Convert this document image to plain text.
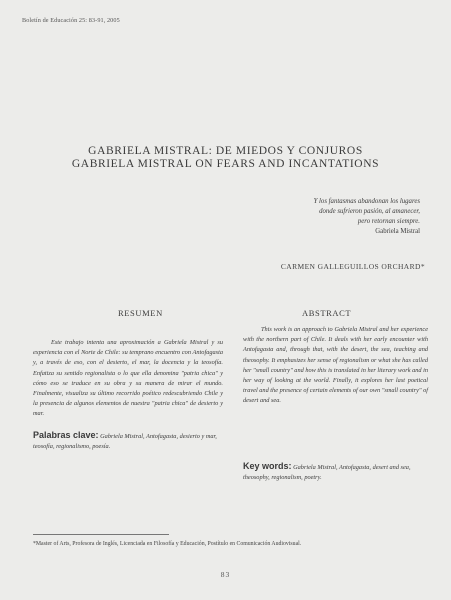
Boletín de Educación 25: 83-91, 2005
GABRIELA MISTRAL: DE MIEDOS Y CONJUROS
GABRIELA MISTRAL ON FEARS AND INCANTATIONS
Y los fantasmas abandonan los lugares
donde sufrieron pasión, al amanecer,
pero retornan siempre.
Gabriela Mistral
CARMEN GALLEGUILLOS ORCHARD*
RESUMEN	ABSTRACT

Este trabajo intenta una aproximación a Gabriela Mistral y su experiencia con el Norte de Chile: su temprano encuentro con Antofagasta y, a través de eso, con el desierto, el mar, la docencia y la teosofía. Enfatiza su sentido regionalista o lo que ella denomina "patria chica" y cómo eso se traduce en su obra y su manera de mirar el mundo. Finalmente, visualiza su último recorrido poético redescubriendo Chile y la presencia de algunos elementos de nuestra "patria chica" de desierto y mar.

This work is an approach to Gabriela Mistral and her experience with the northern part of Chile. It deals with her early encounter with Antofagasta and, through that, with the desert, the sea, teaching and theosophy. It emphasizes her sense of regionalism or what she has called her "small country" and how this is translated in her literary work and in her way of looking at the world. Finally, it explores her last poetical travel and the presence of certain elements of our own "small country" of desert and sea.

Palabras clave: Gabriela Mistral, Antofagasta, desierto y mar, teosofía, regionalismo, poesía.
Key words: Gabriela Mistral, Antofagasta, desert and sea, theosophy, regionalism, poetry.
*Master of Arts, Profesora de Inglés, Licenciada en Filosofía y Educación, Postítulo en Comunicación Audiovisual.
83
